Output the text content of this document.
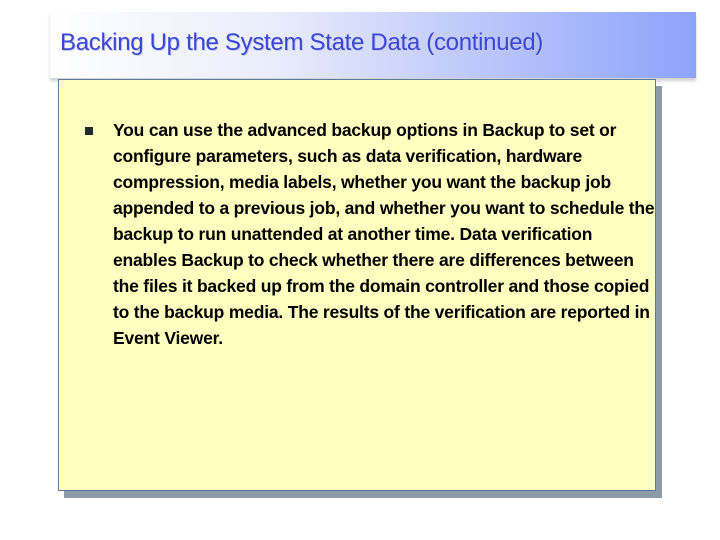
Backing Up the System State Data (continued)

You can use the advanced backup options in Backup to set or configure parameters, such as data verification, hardware compression, media labels, whether you want the backup job appended to a previous job, and whether you want to schedule the backup to run unattended at another time. Data verification enables Backup to check whether there are differences between the files it backed up from the domain controller and those copied to the backup media. The results of the verification are reported in Event Viewer.
